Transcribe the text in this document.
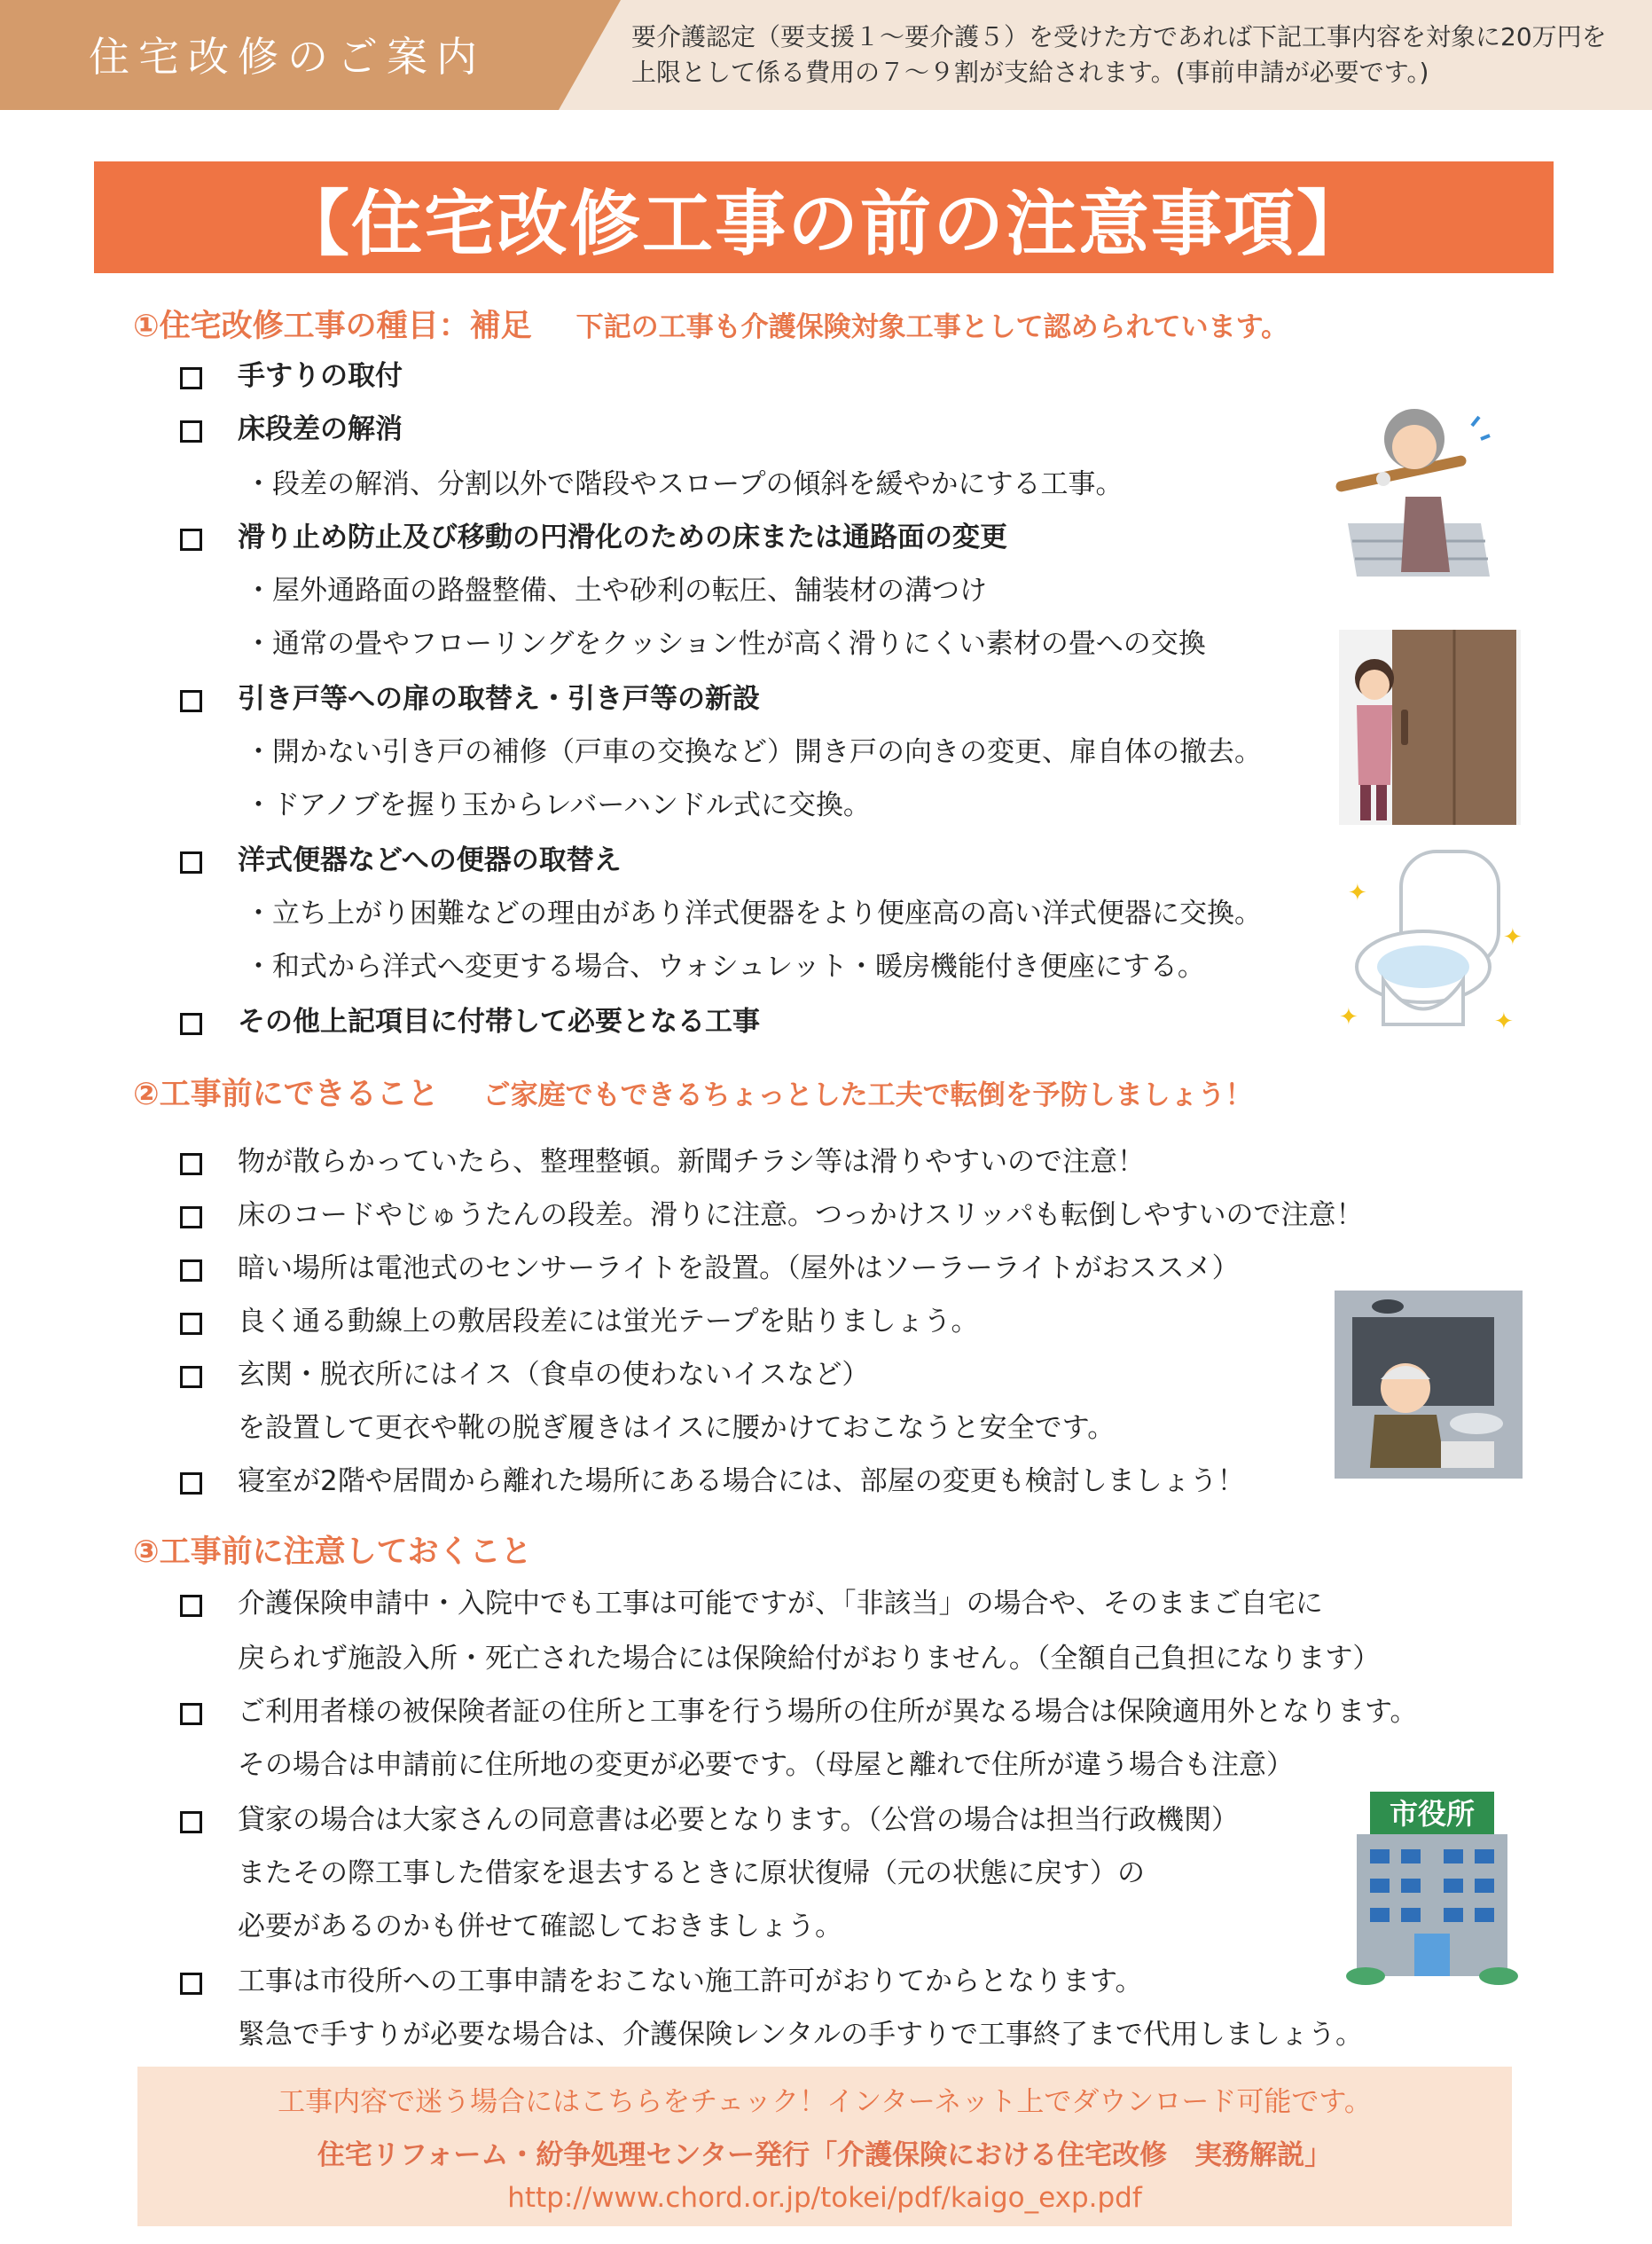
住宅改修のご案内	要介護認定（要支援１～要介護５）を受けた方であれば下記工事内容を対象に20万円を上限として係る費用の７～９割が支給されます。(事前申請が必要です。)
【住宅改修工事の前の注意事項】
①住宅改修工事の種目：補足 下記の工事も介護保険対象工事として認められています。
手すりの取付
床段差の解消
・段差の解消、分割以外で階段やスロープの傾斜を緩やかにする工事。
滑り止め防止及び移動の円滑化のための床または通路面の変更
・屋外通路面の路盤整備、土や砂利の転圧、舗装材の溝つけ
・通常の畳やフローリングをクッション性が高く滑りにくい素材の畳への交換
引き戸等への扉の取替え・引き戸等の新設
・開かない引き戸の補修（戸車の交換など）開き戸の向きの変更、扉自体の撤去。
・ドアノブを握り玉からレバーハンドル式に交換。
洋式便器などへの便器の取替え
・立ち上がり困難などの理由があり洋式便器をより便座高の高い洋式便器に交換。
・和式から洋式へ変更する場合、ウォシュレット・暖房機能付き便座にする。
その他上記項目に付帯して必要となる工事
②工事前にできること ご家庭でもできるちょっとした工夫で転倒を予防しましょう！
物が散らかっていたら、整理整頓。新聞チラシ等は滑りやすいので注意！
床のコードやじゅうたんの段差。滑りに注意。つっかけスリッパも転倒しやすいので注意！
暗い場所は電池式のセンサーライトを設置。（屋外はソーラーライトがおススメ）
良く通る動線上の敷居段差には蛍光テープを貼りましょう。
玄関・脱衣所にはイス（食卓の使わないイスなど）
を設置して更衣や靴の脱ぎ履きはイスに腰かけておこなうと安全です。
寝室が2階や居間から離れた場所にある場合には、部屋の変更も検討しましょう！
③工事前に注意しておくこと
介護保険申請中・入院中でも工事は可能ですが、「非該当」の場合や、そのままご自宅に
戻られず施設入所・死亡された場合には保険給付がおりません。（全額自己負担になります）
ご利用者様の被保険者証の住所と工事を行う場所の住所が異なる場合は保険適用外となります。
その場合は申請前に住所地の変更が必要です。（母屋と離れで住所が違う場合も注意）
貸家の場合は大家さんの同意書は必要となります。（公営の場合は担当行政機関）
またその際工事した借家を退去するときに原状復帰（元の状態に戻す）の
必要があるのかも併せて確認しておきましょう。
工事は市役所への工事申請をおこない施工許可がおりてからとなります。
緊急で手すりが必要な場合は、介護保険レンタルの手すりで工事終了まで代用しましょう。
✦
✦
✦	✦
市役所
工事内容で迷う場合にはこちらをチェック！インターネット上でダウンロード可能です。
住宅リフォーム・紛争処理センター発行「介護保険における住宅改修　実務解説」
http://www.chord.or.jp/tokei/pdf/kaigo_exp.pdf
